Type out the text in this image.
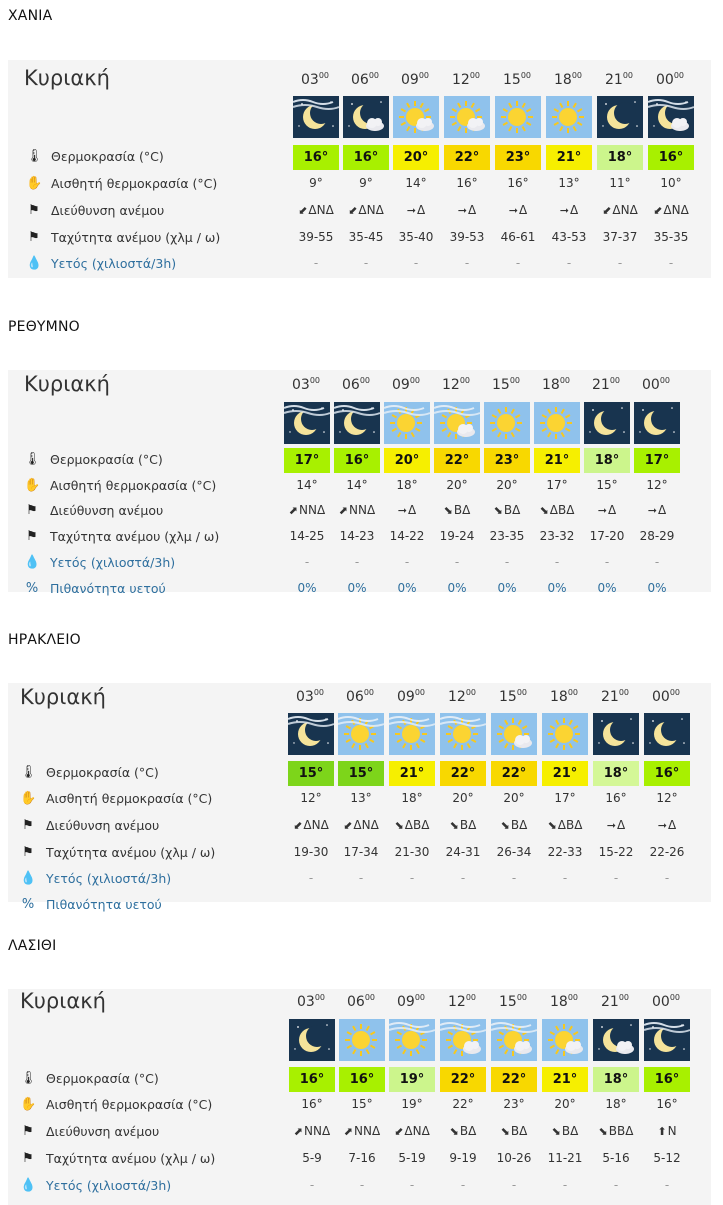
ΧΑΝΙΑ
Κυριακή	$03^{00}$	$06^{00}$	$09^{00}$	$12^{00}$	$15^{00}$	$18^{00}$	$21^{00}$	$00^{00}$
🌡 Θερμοκρασία (°C)	16°	16°	20°	22°	23°	21°	18°	16°
✋ Αισθητή θερμοκρασία (°C)	9°	9°	14°	16°	16°	13°	11°	10°
⚑ Διεύθυνση ανέμου	⬋ΔΝΔ	⬋ΔΝΔ	➞Δ	➞Δ	➞Δ	➞Δ	⬋ΔΝΔ	⬋ΔΝΔ
⚑ Ταχύτητα ανέμου (χλμ / ω)	39-55	35-45	35-40	39-53	46-61	43-53	37-37	35-35
💧 Υετός (χιλιοστά/3h)	-	-	-	-	-	-	-	-
ΡΕΘΥΜΝΟ
Κυριακή	$03^{00}$	$06^{00}$	$09^{00}$	$12^{00}$	$15^{00}$	$18^{00}$	$21^{00}$	$00^{00}$
🌡 Θερμοκρασία (°C)	17°	16°	20°	22°	23°	21°	18°	17°
✋ Αισθητή θερμοκρασία (°C)	14°	14°	18°	20°	20°	17°	15°	12°
⚑ Διεύθυνση ανέμου	⬈ΝΝΔ	⬈ΝΝΔ	➞Δ	⬊ΒΔ	⬊ΒΔ	⬊ΔΒΔ	➞Δ	➞Δ
⚑ Ταχύτητα ανέμου (χλμ / ω)	14-25	14-23	14-22	19-24	23-35	23-32	17-20	28-29
💧 Υετός (χιλιοστά/3h)	-	-	-	-	-	-	-	-
% Πιθανότητα υετού	0%	0%	0%	0%	0%	0%	0%	0%
ΗΡΑΚΛΕΙΟ
Κυριακή	$03^{00}$	$06^{00}$	$09^{00}$	$12^{00}$	$15^{00}$	$18^{00}$	$21^{00}$	$00^{00}$
🌡 Θερμοκρασία (°C)	15°	15°	21°	22°	22°	21°	18°	16°
✋ Αισθητή θερμοκρασία (°C)	12°	13°	18°	20°	20°	17°	16°	12°
⚑ Διεύθυνση ανέμου	⬋ΔΝΔ	⬋ΔΝΔ	⬊ΔΒΔ	⬊ΒΔ	⬊ΒΔ	⬊ΔΒΔ	➞Δ	➞Δ
⚑ Ταχύτητα ανέμου (χλμ / ω)	19-30	17-34	21-30	24-31	26-34	22-33	15-22	22-26
💧 Υετός (χιλιοστά/3h)	-	-	-	-	-	-	-	-
% Πιθανότητα υετού
ΛΑΣΙΘΙ
Κυριακή	$03^{00}$	$06^{00}$	$09^{00}$	$12^{00}$	$15^{00}$	$18^{00}$	$21^{00}$	$00^{00}$
🌡 Θερμοκρασία (°C)	16°	16°	19°	22°	22°	21°	18°	16°
✋ Αισθητή θερμοκρασία (°C)	16°	15°	19°	22°	23°	20°	18°	16°
⚑ Διεύθυνση ανέμου	⬈ΝΝΔ	⬈ΝΝΔ	⬋ΔΝΔ	⬊ΒΔ	⬊ΒΔ	⬊ΒΔ	⬊ΒΒΔ	⬆Ν
⚑ Ταχύτητα ανέμου (χλμ / ω)	5-9	7-16	5-19	9-19	10-26	11-21	5-16	5-12
💧 Υετός (χιλιοστά/3h)	-	-	-	-	-	-	-	-
